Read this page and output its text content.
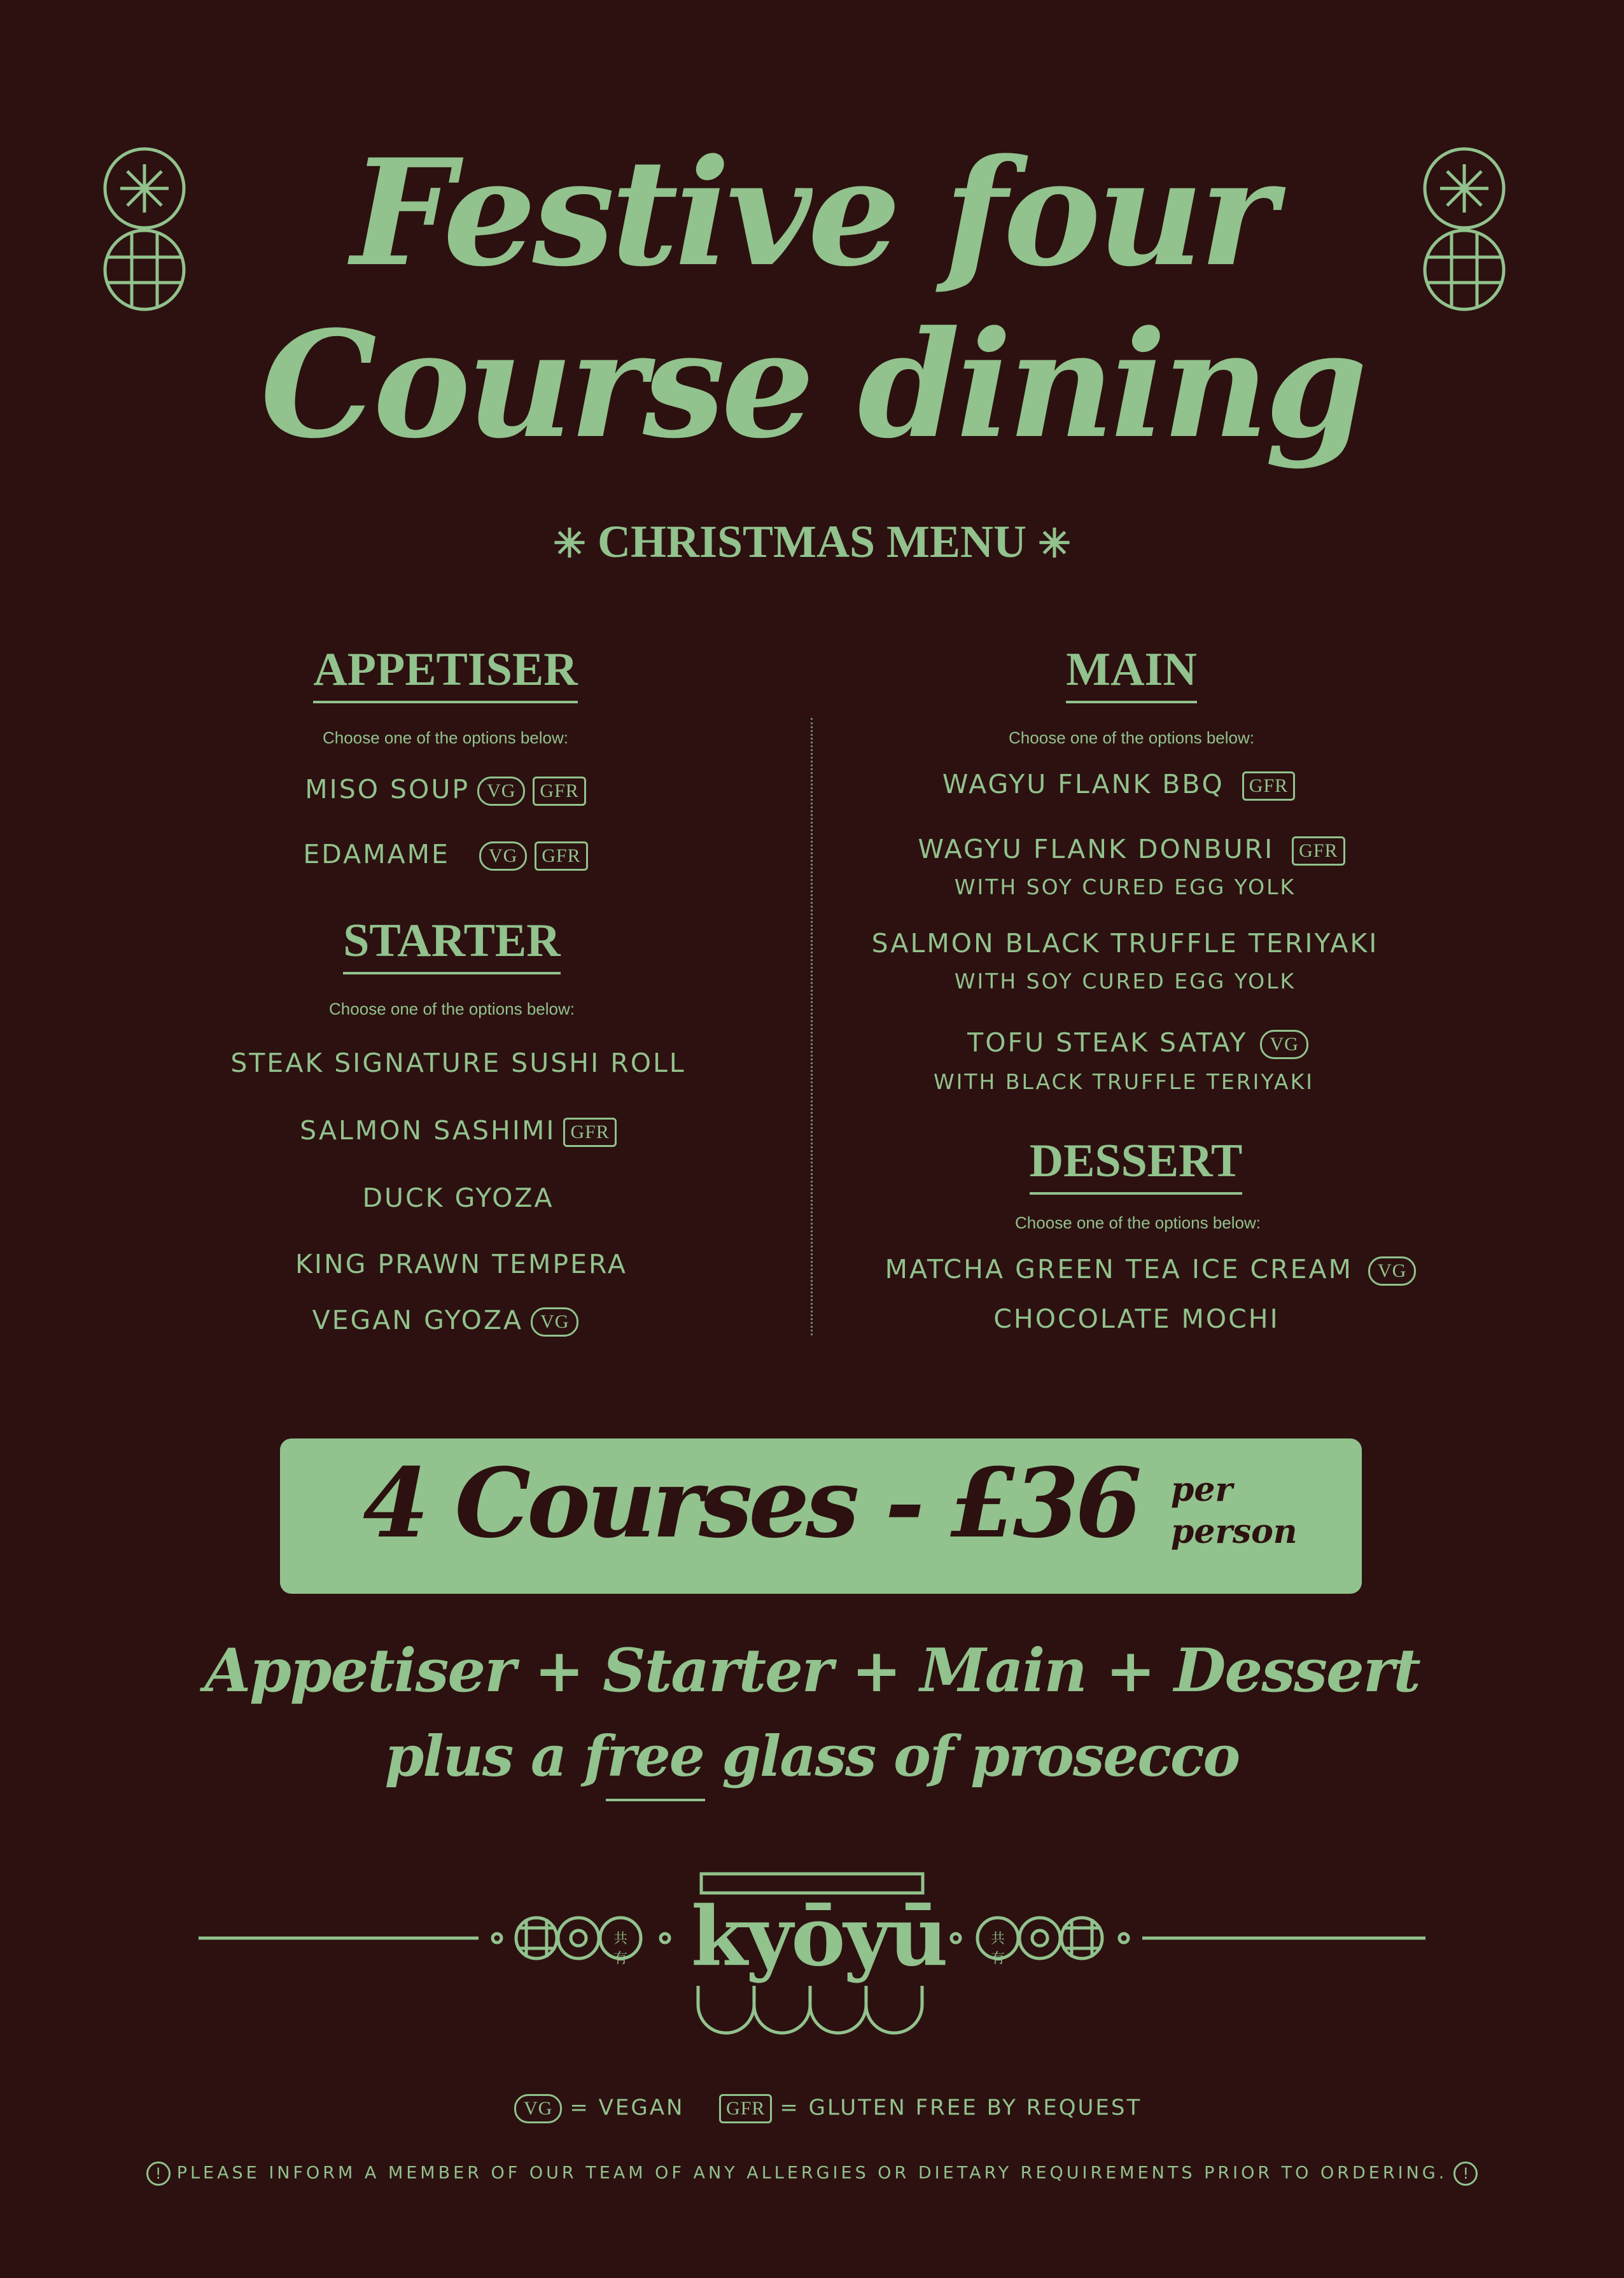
Festive four
Course dining
✳ CHRISTMAS MENU ✳
APPETISER
Choose one of the options below:
MISO SOUP VG GFR
EDAMAME VG GFR
STARTER
Choose one of the options below:
STEAK SIGNATURE SUSHI ROLL
SALMON SASHIMI GFR
DUCK GYOZA
KING PRAWN TEMPERA
VEGAN GYOZA VG
MAIN
Choose one of the options below:
WAGYU FLANK BBQ GFR
WAGYU FLANK DONBURI GFR
WITH SOY CURED EGG YOLK
SALMON BLACK TRUFFLE TERIYAKI
WITH SOY CURED EGG YOLK
TOFU STEAK SATAY VG
WITH BLACK TRUFFLE TERIYAKI
DESSERT
Choose one of the options below:
MATCHA GREEN TEA ICE CREAM VG
CHOCOLATE MOCHI
4 Courses - £36 per
person
Appetiser + Starter + Main + Dessert
plus a free glass of prosecco
共有
共有
kyōyū
VG = VEGAN	GFR = GLUTEN FREE BY REQUEST
! PLEASE INFORM A MEMBER OF OUR TEAM OF ANY ALLERGIES OR DIETARY REQUIREMENTS PRIOR TO ORDERING. !
